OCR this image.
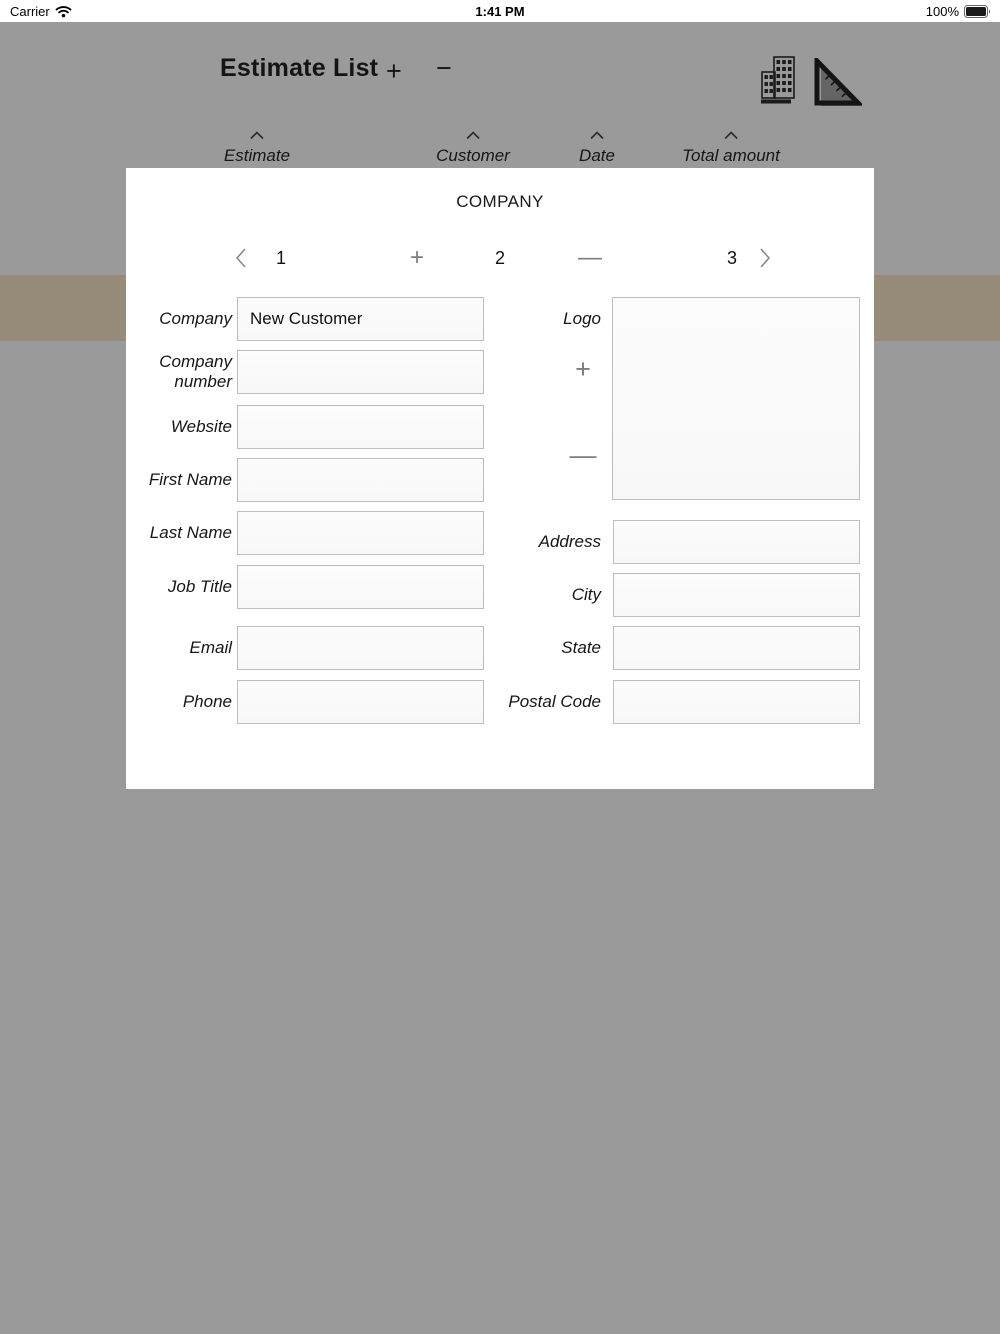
Carrier	1:41 PM	100%
Estimate List + −
Estimate	Customer	Date	Total amount
COMPANY
1	+	2	—	3
Company
New Customer
Company number
Website
First Name
Last Name
Job Title
Email
Phone
Logo
+
—
Address
City
State
Postal Code
